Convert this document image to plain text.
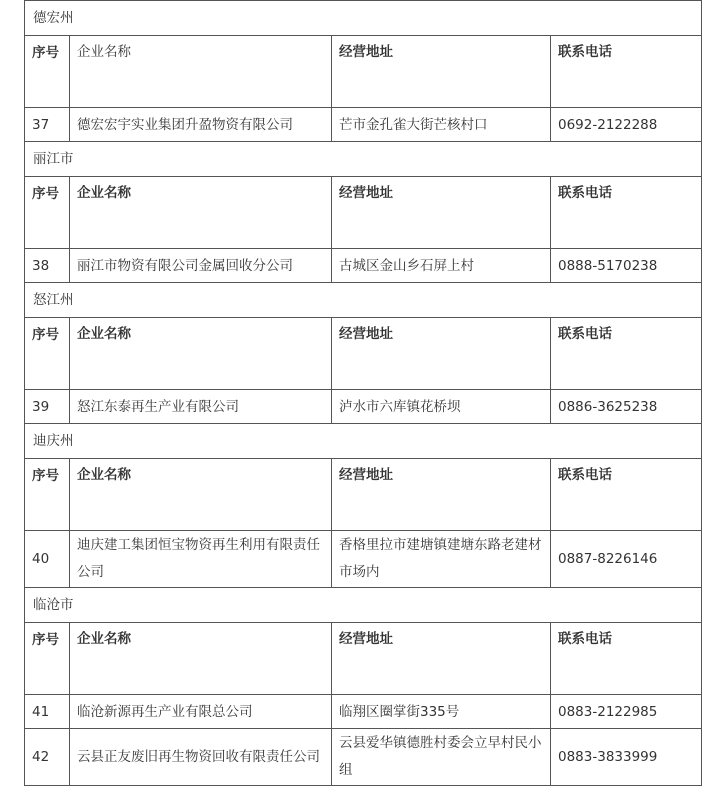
德宏州			
序号	企业名称	经营地址	联系电话
37	德宏宏宇实业集团升盈物资有限公司	芒市金孔雀大街芒核村口	0692-2122288
丽江市			
序号	企业名称	经营地址	联系电话
38	丽江市物资有限公司金属回收分公司	古城区金山乡石屏上村	0888-5170238
怒江州			
序号	企业名称	经营地址	联系电话
39	怒江东泰再生产业有限公司	泸水市六库镇花桥坝	0886-3625238
迪庆州			
序号	企业名称	经营地址	联系电话
40	迪庆建工集团恒宝物资再生利用有限责任公司	香格里拉市建塘镇建塘东路老建材市场内	0887-8226146
临沧市			
序号	企业名称	经营地址	联系电话
41	临沧新源再生产业有限总公司	临翔区圈掌街335号	0883-2122985
42	云县正友废旧再生物资回收有限责任公司	云县爱华镇德胜村委会立早村民小组	0883-3833999
